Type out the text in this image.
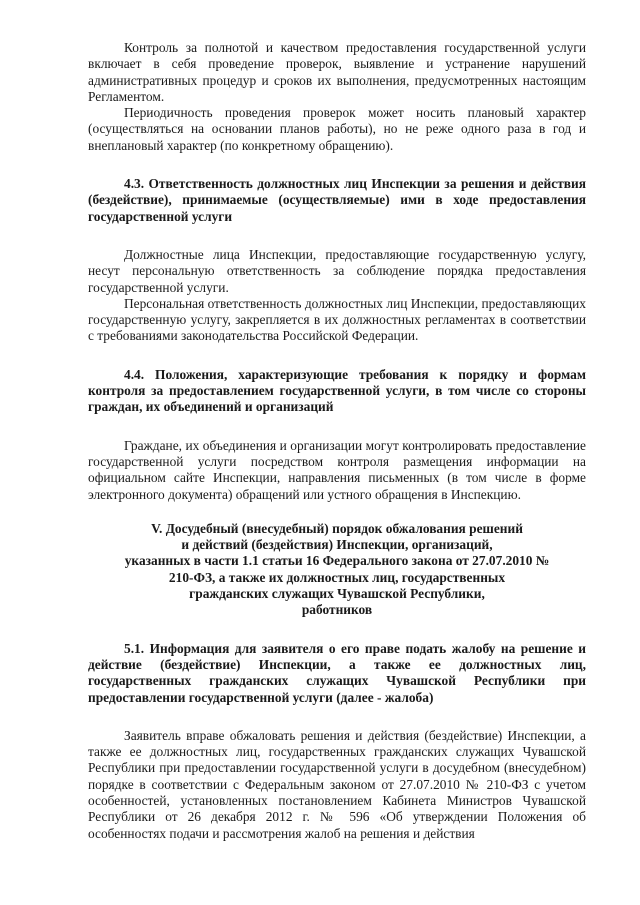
Контроль за полнотой и качеством предоставления государственной услуги включает в себя проведение проверок, выявление и устранение нарушений административных процедур и сроков их выполнения, предусмотренных настоящим Регламентом.

Периодичность проведения проверок может носить плановый характер (осуществляться на основании планов работы), но не реже одного раза в год и внеплановый характер (по конкретному обращению).

4.3. Ответственность должностных лиц Инспекции за решения и действия (бездействие), принимаемые (осуществляемые) ими в ходе предоставления государственной услуги

Должностные лица Инспекции, предоставляющие государственную услугу, несут персональную ответственность за соблюдение порядка предоставления государственной услуги.

Персональная ответственность должностных лиц Инспекции, предоставляющих государственную услугу, закрепляется в их должностных регламентах в соответствии с требованиями законодательства Российской Федерации.

4.4. Положения, характеризующие требования к порядку и формам контроля за предоставлением государственной услуги, в том числе со стороны граждан, их объединений и организаций

Граждане, их объединения и организации могут контролировать предоставление государственной услуги посредством контроля размещения информации на официальном сайте Инспекции, направления письменных (в том числе в форме электронного документа) обращений или устного обращения в Инспекцию.

V. Досудебный (внесудебный) порядок обжалования решений
и действий (бездействия) Инспекции, организаций,
указанных в части 1.1 статьи 16 Федерального закона от 27.07.2010 №
210-ФЗ, а также их должностных лиц, государственных
гражданских служащих Чувашской Республики,
работников

5.1. Информация для заявителя о его праве подать жалобу на решение и действие (бездействие) Инспекции, а также ее должностных лиц, государственных гражданских служащих Чувашской Республики при предоставлении государственной услуги (далее - жалоба)

Заявитель вправе обжаловать решения и действия (бездействие) Инспекции, а также ее должностных лиц, государственных гражданских служащих Чувашской Республики при предоставлении государственной услуги в досудебном (внесудебном) порядке в соответствии с Федеральным законом от 27.07.2010 № 210-ФЗ с учетом особенностей, установленных постановлением Кабинета Министров Чувашской Республики от 26 декабря 2012 г. № 596 «Об утверждении Положения об особенностях подачи и рассмотрения жалоб на решения и действия
